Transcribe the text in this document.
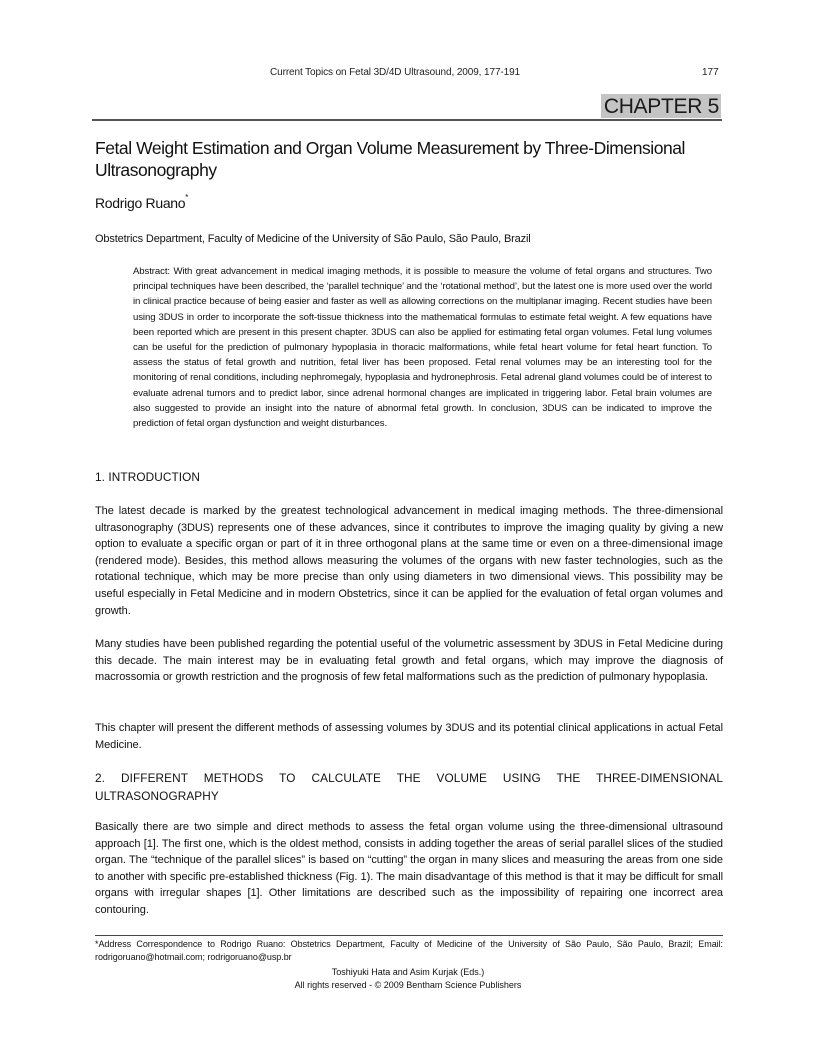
Current Topics on Fetal 3D/4D Ultrasound, 2009, 177-191	177
CHAPTER 5
Fetal Weight Estimation and Organ Volume Measurement by Three-Dimensional Ultrasonography
Rodrigo Ruano*
Obstetrics Department, Faculty of Medicine of the University of São Paulo, São Paulo, Brazil
Abstract: With great advancement in medical imaging methods, it is possible to measure the volume of fetal organs and structures. Two principal techniques have been described, the ‘parallel technique’ and the ‘rotational method’, but the latest one is more used over the world in clinical practice because of being easier and faster as well as allowing corrections on the multiplanar imaging. Recent studies have been using 3DUS in order to incorporate the soft-tissue thickness into the mathematical formulas to estimate fetal weight. A few equations have been reported which are present in this present chapter. 3DUS can also be applied for estimating fetal organ volumes. Fetal lung volumes can be useful for the prediction of pulmonary hypoplasia in thoracic malformations, while fetal heart volume for fetal heart function. To assess the status of fetal growth and nutrition, fetal liver has been proposed. Fetal renal volumes may be an interesting tool for the monitoring of renal conditions, including nephromegaly, hypoplasia and hydronephrosis. Fetal adrenal gland volumes could be of interest to evaluate adrenal tumors and to predict labor, since adrenal hormonal changes are implicated in triggering labor. Fetal brain volumes are also suggested to provide an insight into the nature of abnormal fetal growth. In conclusion, 3DUS can be indicated to improve the prediction of fetal organ dysfunction and weight disturbances.
1. INTRODUCTION
The latest decade is marked by the greatest technological advancement in medical imaging methods. The three-dimensional ultrasonography (3DUS) represents one of these advances, since it contributes to improve the imaging quality by giving a new option to evaluate a specific organ or part of it in three orthogonal plans at the same time or even on a three-dimensional image (rendered mode). Besides, this method allows measuring the volumes of the organs with new faster technologies, such as the rotational technique, which may be more precise than only using diameters in two dimensional views. This possibility may be useful especially in Fetal Medicine and in modern Obstetrics, since it can be applied for the evaluation of fetal organ volumes and growth.
Many studies have been published regarding the potential useful of the volumetric assessment by 3DUS in Fetal Medicine during this decade. The main interest may be in evaluating fetal growth and fetal organs, which may improve the diagnosis of macrossomia or growth restriction and the prognosis of few fetal malformations such as the prediction of pulmonary hypoplasia.
This chapter will present the different methods of assessing volumes by 3DUS and its potential clinical applications in actual Fetal Medicine.
2. DIFFERENT METHODS TO CALCULATE THE VOLUME USING THE THREE-DIMENSIONAL ULTRASONOGRAPHY
Basically there are two simple and direct methods to assess the fetal organ volume using the three-dimensional ultrasound approach [1]. The first one, which is the oldest method, consists in adding together the areas of serial parallel slices of the studied organ. The “technique of the parallel slices” is based on “cutting” the organ in many slices and measuring the areas from one side to another with specific pre-established thickness (Fig. 1). The main disadvantage of this method is that it may be difficult for small organs with irregular shapes [1]. Other limitations are described such as the impossibility of repairing one incorrect area contouring.
*Address Correspondence to Rodrigo Ruano: Obstetrics Department, Faculty of Medicine of the University of São Paulo, São Paulo, Brazil; Email: rodrigoruano@hotmail.com; rodrigoruano@usp.br
Toshiyuki Hata and Asim Kurjak (Eds.)
All rights reserved - © 2009 Bentham Science Publishers
